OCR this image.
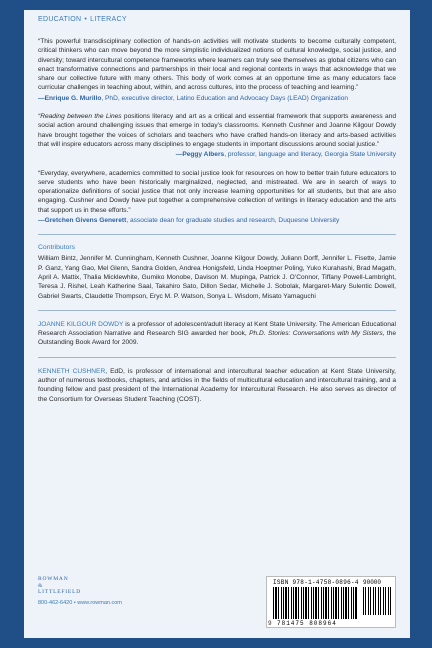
EDUCATION • LITERACY

“This powerful transdisciplinary collection of hands-on activities will motivate students to become culturally competent, critical thinkers who can move beyond the more simplistic individualized notions of cultural knowledge, social justice, and diversity; toward intercultural competence frameworks where learners can truly see themselves as global citizens who can enact transformative connections and partnerships in their local and regional contexts in ways that acknowledge that we share our collective future with many others. This body of work comes at an opportune time as many educators face curricular challenges in teaching about, within, and across cultures, into the process of teaching and learning.”

—Enrique G. Murillo, PhD, executive director, Latino Education and Advocacy Days (LEAD) Organization

“Reading between the Lines positions literacy and art as a critical and essential framework that supports awareness and social action around challenging issues that emerge in today’s classrooms. Kenneth Cushner and Joanne Kilgour Dowdy have brought together the voices of scholars and teachers who have crafted hands-on literacy and arts-based activities that will inspire educators across many disciplines to engage students in important discussions around social justice.”

—Peggy Albers, professor, language and literacy, Georgia State University

“Everyday, everywhere, academics committed to social justice look for resources on how to better train future educators to serve students who have been historically marginalized, neglected, and mistreated. We are in search of ways to operationalize definitions of social justice that not only increase learning opportunities for all students, but that are also engaging. Cushner and Dowdy have put together a comprehensive collection of writings in literacy education and the arts that support us in these efforts.”

—Gretchen Givens Generett, associate dean for graduate studies and research, Duquesne University
Contributors

William Bintz, Jennifer M. Cunningham, Kenneth Cushner, Joanne Kilgour Dowdy, Juliann Dorff, Jennifer L. Fisette, Jamie P. Ganz, Yang Gao, Mel Glenn, Sandra Golden, Andrea Honigsfeld, Linda Hoeptner Poling, Yuko Kurahashi, Brad Magath, April A. Mattix, Thalia Micklewhite, Gumiko Monobe, Davison M. Mupinga, Patrick J. O’Connor, Tiffany Powell-Lambright, Teresa J. Rishel, Leah Katherine Saal, Takahiro Sato, Dillon Sedar, Michelle J. Sobolak, Margaret-Mary Sulentic Dowell, Gabriel Swarts, Claudette Thompson, Eryc M. P. Watson, Sonya L. Wisdom, Misato Yamaguchi

JOANNE KILGOUR DOWDY is a professor of adolescent/adult literacy at Kent State University. The American Educational Research Association Narrative and Research SIG awarded her book, Ph.D. Stories: Conversations with My Sisters, the Outstanding Book Award for 2009.

KENNETH CUSHNER, EdD, is professor of international and intercultural teacher education at Kent State University, author of numerous textbooks, chapters, and articles in the fields of multicultural education and intercultural training, and a founding fellow and past president of the International Academy for Intercultural Research. He also serves as director of the Consortium for Overseas Student Teaching (COST).

ROWMAN
&
LITTLEFIELD
800-462-6420 • www.rowman.com
ISBN 978-1-4758-0896-4 90000
9 781475 808964
